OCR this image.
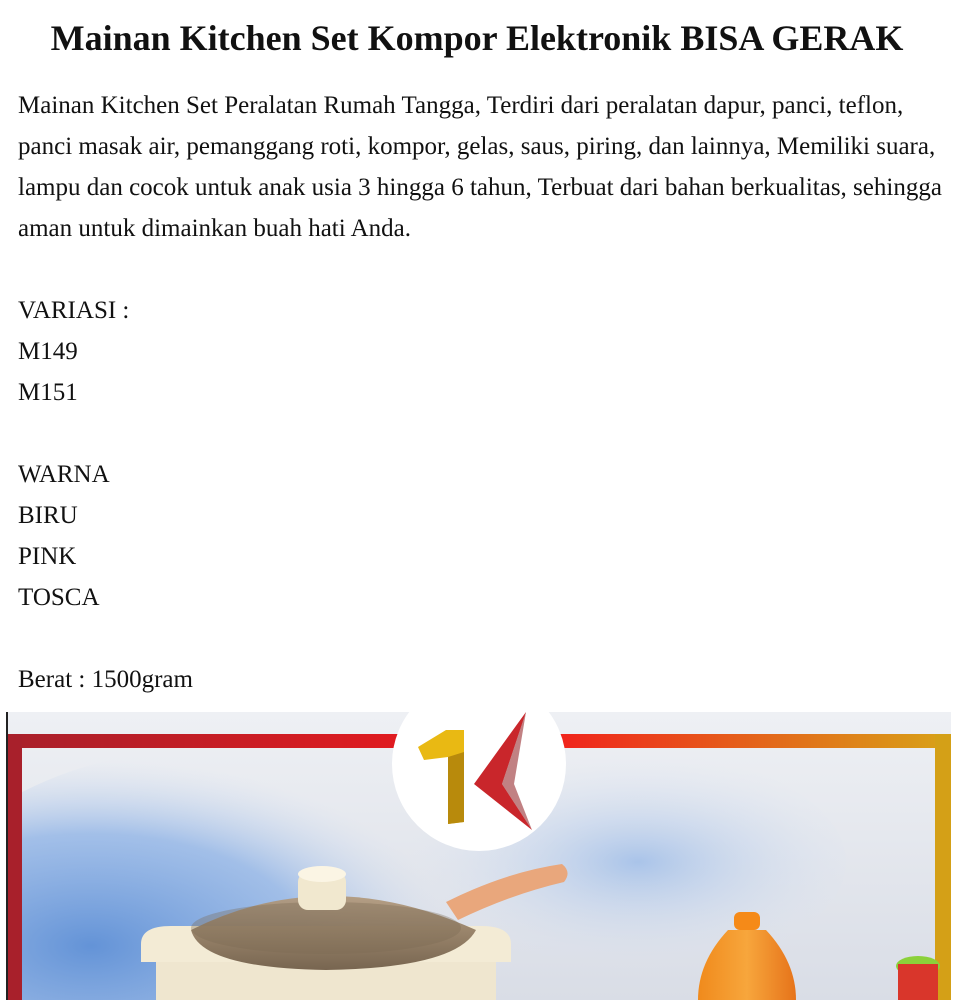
Mainan Kitchen Set Kompor Elektronik BISA GERAK

Mainan Kitchen Set Peralatan Rumah Tangga, Terdiri dari peralatan dapur, panci, teflon, panci masak air, pemanggang roti, kompor, gelas, saus, piring, dan lainnya, Memiliki suara, lampu dan cocok untuk anak usia 3 hingga 6 tahun, Terbuat dari bahan berkualitas, sehingga aman untuk dimainkan buah hati Anda.

VARIASI :
M149
M151
WARNA
BIRU
PINK
TOSCA

Berat : 1500gram
